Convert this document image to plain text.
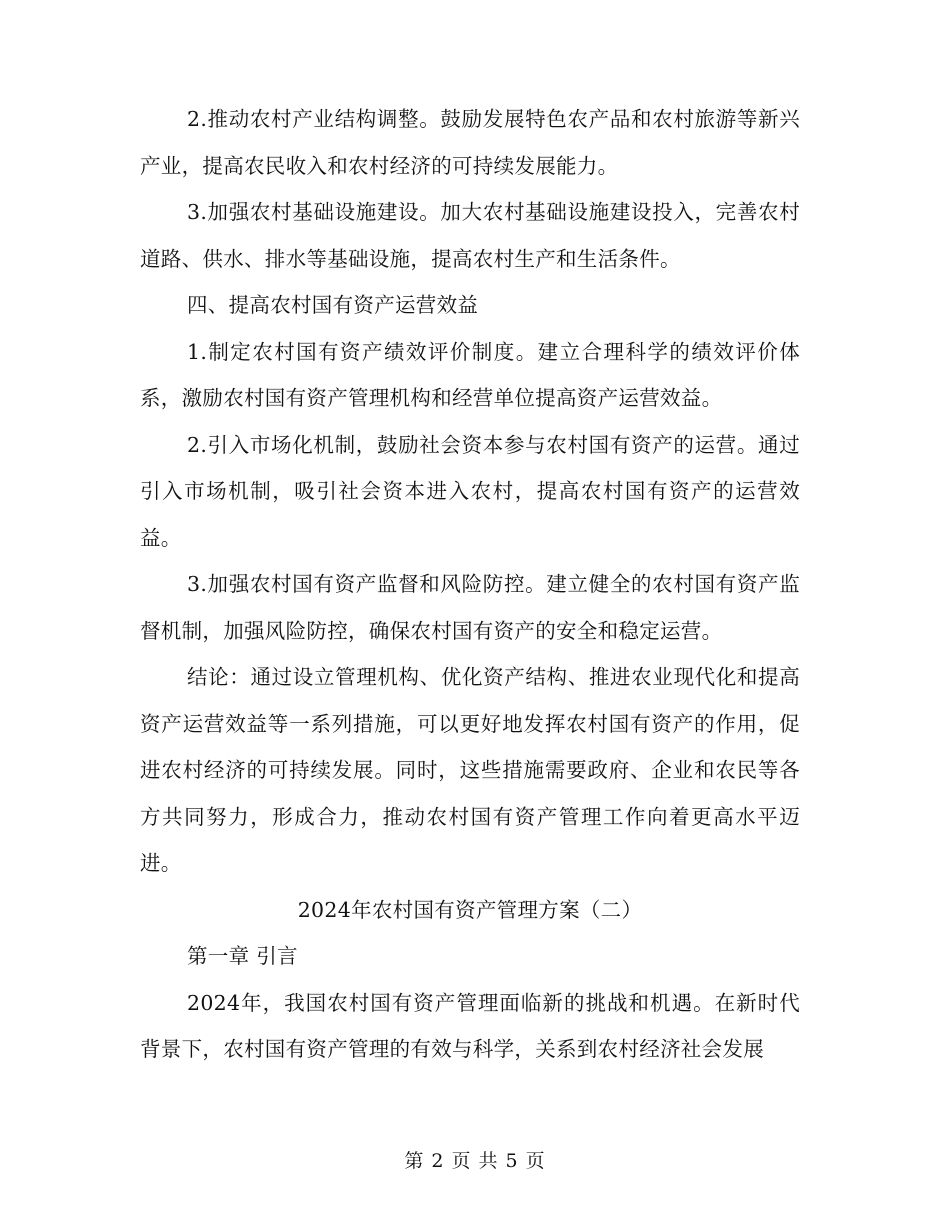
2.推动农村产业结构调整。鼓励发展特色农产品和农村旅游等新兴产业，提高农民收入和农村经济的可持续发展能力。

3.加强农村基础设施建设。加大农村基础设施建设投入，完善农村道路、供水、排水等基础设施，提高农村生产和生活条件。

四、提高农村国有资产运营效益

1.制定农村国有资产绩效评价制度。建立合理科学的绩效评价体系，激励农村国有资产管理机构和经营单位提高资产运营效益。

2.引入市场化机制，鼓励社会资本参与农村国有资产的运营。通过引入市场机制，吸引社会资本进入农村，提高农村国有资产的运营效益。

3.加强农村国有资产监督和风险防控。建立健全的农村国有资产监督机制，加强风险防控，确保农村国有资产的安全和稳定运营。

结论：通过设立管理机构、优化资产结构、推进农业现代化和提高资产运营效益等一系列措施，可以更好地发挥农村国有资产的作用，促进农村经济的可持续发展。同时，这些措施需要政府、企业和农民等各方共同努力，形成合力，推动农村国有资产管理工作向着更高水平迈进。

2024年农村国有资产管理方案（二）

第一章 引言

2024年，我国农村国有资产管理面临新的挑战和机遇。在新时代背景下，农村国有资产管理的有效与科学，关系到农村经济社会发展

第 2 页 共 5 页
